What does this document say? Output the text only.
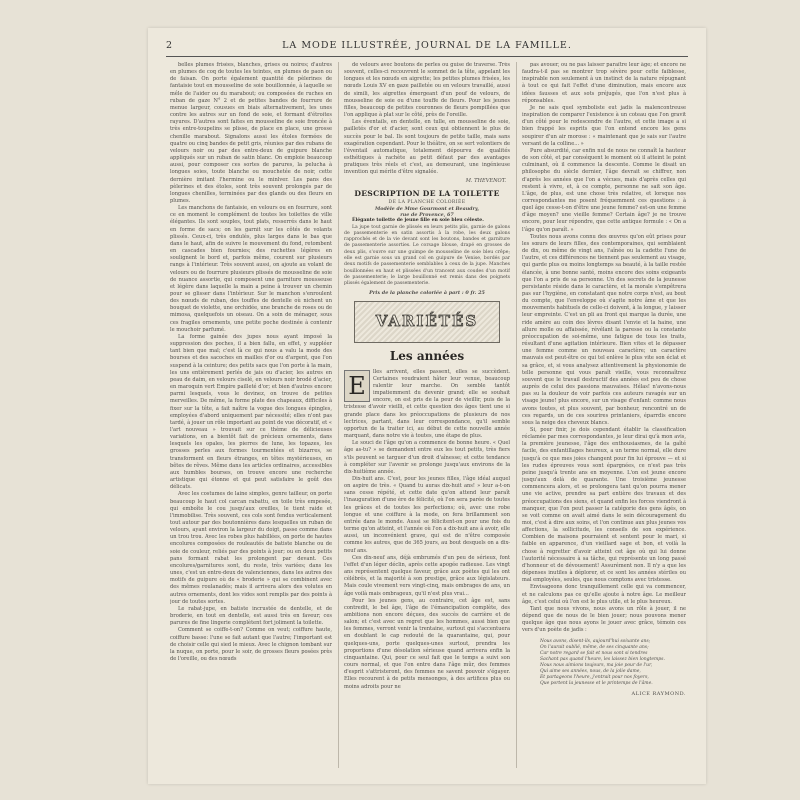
2	LA MODE ILLUSTRÉE, JOURNAL DE LA FAMILLE.

belles plumes frisées, blanches, grises ou noires; d'autres en plumes de coq de toutes les teintes, en plumes de paon ou de faisan. On porte également quantité de pèlerines de fantaisie tout en mousseline de soie bouillonnée, à laquelle se mêle de l'aider ou du marabout; ou composées de ruches en ruban de gaze N° 2 et de petites bandes de fourrure de menue largeur, cousues en biais alternativement, les unes contre les autres sur un fond de soie, et formant d'étroites rayures. D'autres sont faites en mousseline de soie froncée à très entre-toupelins se plisse, de place en place, une grosse chenille marabout. Signalons aussi les étoles formées de quatre ou cinq bandes de petit gris, réunies par des rubans de velours noir ou par des entre-deux de guipure blanche appliqués sur un ruban de satin blanc. On emploie beaucoup aussi, pour composer ces sortes de parures, la pelucha à longues soies, toute blanche ou mouchetée de noir, cette dernière imitant l'hermine ou le minlver. Les pans des pèlerines et des étoles, sont très souvent prolongés par de longues chenilles, terminées par des glands ou des fleurs en plumes.

Les manchons de fantaisie, en velours ou en fourrure, sont ce en moment le complément de toutes les toilettes de ville élégantes. Ils sont souples, tout plats, resserrés dans le haut en forme de sacs; on les garnit sur les côtés de volants plissés. Ceux-ci, très ondulés, plus larges dans le bas que dans le haut, afin de suivre le mouvement du fond, retombent en cascades bien fournies; des ruchettes légères en soulignent le bord et, parfois même, courent sur plusieurs rangs à l'intérieur. Très souvent aussi, on ajoute au volant de velours ou de fourrure plusieurs plissés de mousseline de soie de nuance assortie, qui composent une garniture mousseuse et légère dans laquelle la main a peine à trouver un chemin pour se glisser dans l'intérieur. Sur le manchon s'enroulent des nœuds de ruban, des touffes de dentelle où nichent un bouquet de violette, une orchidée, une branche de roses ou de mimosa, quelquefois un oiseau. On a soin de ménager, sous ces fragiles ornements, une petite poche destinée à contenir le mouchoir parfumé.

La forme gainée des jupes nous ayant imposé la suppression des poches, il a bien fallu, en effet, y suppléer tant bien que mal; c'est là ce qui nous a valu la mode des bourses et des sacoches en mailles d'or ou d'argent, que l'on suspend à la ceinture; des petits sacs que l'on porte à la main, les uns entièrement perlés de jais ou d'acier, les autres en peau de daim, en velours ciselé, en velours noir brodé d'acier, en maroquin vert Empire pailleté d'or; et bien d'autres encore parmi lesquels, vous le devinez, on trouve de petites merveilles. De même, la forme plate des chapeaux, difficiles à fixer sur la tête, a fait naître la vogue des longues épingles, employées d'abord uniquement par nécessité; elles n'ont pas tardé, à jouer un rôle important au point de vue décoratif, et « l'art nouveau » trouvait sur ce thème de délicieuses variations, en a bientôt fait de précieux ornements, dans lesquels les opales, les pierres de lune, les topazes, les grosses perles aux formes tourmentées et bizarres, se transforment en fleurs étranges, en têtes mystérieuses, en bêtes de rêves. Même dans les articles ordinaires, accessibles aux humbles bourses, on trouve encore une recherche artistique qui étonne et qui peut satisfaire le goût des délicats.

Avec les costumes de laine simples, genre tailleur, on porte beaucoup le haut col carcan rabattu, en toile très empesée, qui emboîte le cou jusqu'aux oreilles, le tient raide et l'immobilise. Très souvent, ces cols sont fendus verticalement tout autour par des boutonnières dans lesquelles un ruban de velours, ayant environ la largeur du doigt, passe comme dans un trou trou. Avec les robes plus habillées, on porte de hautes encolures composées de rouleautés de batiste blanche ou de soie de couleur, reliés par des points à jour; ou en deux petits pans formant rabat les prolongent par devant. Ces encolures/garnitures sont, du reste, très variées; dans les unes, c'est un entre-deux de valenciennes, dans les autres des motifs de guipure où de « broderie » qui se combinent avec des mêmes roulanadés; mais il arrivera alors des volutes en autres ornements, dont les vides sont remplis par des points à jour de toutes sortes.

Le rabat-jupe, en batiste incrustée de dentelle, et de broderie, en tout en dentelle, est aussi très en faveur; ces parures de fine lingerie complètent fort joliment la toilette.

Comment se coiffe-t-on? Comme on veut; coiffure haute, coiffure basse: l'une se fait autant que l'autre; l'important est de choisir celle qui sied le mieux. Avec le chignon tombant sur la nuque, on porte, pour le soir, de grosses fleurs posées près de l'oreille, ou des nœuds

de velours avec boutons de perles ou guise de traverse. Très souvent, celles-ci recouvrent le sommet de la tête, appelant les longues et les nœuds en aigrette; les petites plumes frisées, les nœuds Louis XV en gaze pailletée ou en velours travaillé, aussi de simili, les aigrettes émergeant d'un pouf de velours, de mousseline de soie ou d'une touffe de fleurs. Pour les jeunes filles, beaucoup de petites couronnes de fleurs pompillées que l'on applique à plat sur le côté, près de l'oreille.

Les éventails, en dentelle, en tulle, en mousseline de soie, pailletés d'or et d'acier, sont ceux qui obtiennent le plus de succès pour le bal. Ils sont toujours de petite taille, mais sans exagération cependant. Pour le théâtre, on se sert volontiers de l'éventail automatique, totalement dépourvu de qualités esthétiques à rachète au petit défaut par des avantages pratiques très réels et c'est, au demeurant, une ingénieuse invention qui mérite d'être signalée.

M. THEVENOT.
DESCRIPTION DE LA TOILETTE
DE LA PLANCHE COLORIÉE
Modèle de Mme Gourmont et Beaudry,
rue de Provence, 67

Élégante toilette de jeune fille en soie bleu céleste.

La jupe tout garnie de plissés en leurs petits plis, garnie de galons de passementerie en satin assortis à la robe, les deux galons rapprochés et de la vie devant sont les boutons, bandes et garniture de passementerie assorties. Le corsage blouse, drapé en grosses de deux plis, s'ouvre sur une guimpe de mousseline de soie bleu crêpe; elle est garnie sous un grand col en guipure de Venise, bordés par deux motifs de passementerie semblables à ceux de la jupe. Manches bouillonnées en haut et plissées d'un trancent aux coudes d'un motif de passementerie; le large bouillonné est remis dans des poignets plissés également de passementerie.

Prix de la planche coloriée à part : 0 fr. 25
VARIÉTÉS
Les années

E	lles arrivent, elles passent, elles se succèdent. Certaines voudraient hâter leur venue, beaucoup ralentir leur marche. On semble tantôt impatiemment du devenir grand; elle se souhait encore, on est pris de la peur de vieillir, puis de la tristesse d'avoir vieilli, et cette question des âges tient une si grande place dans les préoccupations de plusieurs de nos lectrices, partant, dans leur correspondance, qu'il semble opportun de la traiter ici, au début de cette nouvelle année marquant, dans notre vie à toutes, une étape de plus.

Le souci de l'âge qu'on a commence de bonne heure. « Quel âge as-tu? » se demandent entre eux les tout petits, très fiers s'ils peuvent se targuer d'un droit d'aînesse; et cette tendance à compléter sur l'avenir se prolonge jusqu'aux environs de la dix-huitième année.

Dix-huit ans. C'est, pour les jeunes filles, l'âge idéal auquel on aspire de très. « Quand tu auras dix-huit ans! » leur a-t-on sans cesse répété, et cette date qu'on attend leur paraît l'inauguration d'une ère de félicité, où l'on sera parée de toutes les grâces et de toutes les perfections; où, avec une robe longue et une coiffure à la mode, on fera brillamment son entrée dans le monde. Aussi se félicitent-on pour une fois du terme qu'on atteint, et l'année où l'on a dix-huit ans à avoir, elle aussi, un inconvénient grave, qui est de n'être composée comme les autres, que de 365 jours, au bout desquels on a dix-neuf ans.

Ces dix-neuf ans, déjà embrumés d'un peu de sérieux, font l'effet d'un léger déclin, après cette apogée radieuse. Les vingt ans représentent quelque faveur, grâce aux poètes qui les ont célébrés, et la majorité à son prestige, grâce aux législateurs. Mais coule vivement vers vingt-cinq, mais ombrages de ans, un âge voilà mais ombrageux, qu'il n'est plus vrai...

Pour les jeunes gens, au contraire, cet âge est, sans contredit, le bel âge, l'âge de l'émancipation complète, des ambitions non encore déçues, des succès de carrière et de salon; et c'est avec un regret que les hommes, aussi bien que les femmes, verront venir la trentaine, surtout qui s'accentuera en doublant le cap redouté de la quarantaine, qui, pour quelques-uns, porte quelques-unes surtout, prendra les proportions d'une désolation sérieuse quand arrivera enfin la cinquantaine. Qui, pour ce seul fait que le temps a suivi son cours normal, et que l'on entre dans l'âge mûr, des femmes d'esprit s'attristeront, des femmes ne savent pouvoir s'égayer. Elles recourent à de petits mensonges, à des artifices plus ou moins adroits pour ne

pas avouer, ou ne pas laisser paraître leur âge; et encore ne faudra-t-il pas se montrer trop sévère pour cette faiblesse, inspirable non seulement à un instinct de la nature répugnant à tout ce qui fait l'effet d'une diminution, mais encore aux idées fausses et aux sots préjugés, que l'on n'est plus à réponsables.

Je ne sais quel symboliste eut jadis la malencontreuse inspiration de comparer l'existence à un coteau que l'on gravit d'un côté pour le redescendre de l'autre, et cette image a si bien frappé les esprits que l'on entend encore les gens soupirer d'un air morose : « maintenant que je sais sur l'autre versant de la colline... »

Pure absurdité, car enfin nul de nous ne connaît la hauteur de son côté, et par conséquent le moment où il atteint le point culminant, où il commence la descente. Comme le disait un philosophe du siècle dernier, l'âge devrait se chiffrer, non d'après les années que l'on a vécues, mais d'après celles qui restent à vivre, et, à ce compte, personne ne sait son âge. L'âge, de plus, est une chose très relative, et lorsque nos correspondantes me posent fréquemment ces questions : à quel âge cesse-t-on d'être une jeune femme? est-on une femme d'âge moyen? une vieille femme? Certain âge? je ne trouve encore, pour leur répondre, que cette antique formule : « On a l'âge qu'on paraît. »

Toutes nous avons connu des œuvres qu'on eût prises pour les sœurs de leurs filles, des contemporaines, qui semblaient de dix, ou même de vingt ans, l'aînée ou la cadette l'une de l'autre, et ces différences ne tiennent pas seulement au visage, qui garde plus ou moins longtemps sa beauté, à la taille restée élancée, à une bonne santé, moins encore des soins exigeants que l'on a pris de sa personne. Un des secrets de la jeunesse persistante réside dans le caractère, et la morale s'empêtrera pas sur l'hygiène, en constatant que notre corps n'est, au bout du compte, que l'enveloppe où s'agite notre âme et que les mouvements habituels de celle-ci doivent, à la longue, y laisser leur empreinte. C'est un pli au front qui marque la durée, une ride amère au coin des lèvres disant l'envie et la haine, une allure molle ou affaissée, révélant la paresse ou la constante préoccupation de soi-même, une fatigue de tous les traits, résultant d'une agitation intérieure. Bien vites et le dépasser une femme comme un nouveau caractère; un caractère mauvais est peut-être ce qui tel enlève le plus vite son éclat et sa grâce, et, si vous analysez attentivement la physionomie de telle personne qui vous paraît vieille, vous reconnaîtrez souvent que le travail destructif des années est peu de chose auprès de celui des passions mauvaises. Hélas! n'avons-nous pas su la douleur de voir parfois ces auteurs ravagés sur un visage jeune! plus encore, sur un visage d'enfant: comme nous avons toutes, et plus souvent, par bonheur, rencontré un de ces regards, un de ces sourires printaniers, éparrdis encore sous la neige des cheveux blancs.

Si, pour finir, je dois cependant établir la classification réclamée par mes correspondantes, je leur dirai qu'à mon avis, la première jeunesse, l'âge des enthousiasmes, de la gaîté facile, des enfantillages heureux, a un terme normal, elle dure jusqu'à ce que mes joies changent pour fin lui éprouve — et si les rudes épreuves vous sont épargnées, ce n'est pas très peine jusqu'à trente ans en moyenne. L'on est jeune encore jusqu'aux delà de quarante. Une troisième jeunesse commencera alors, et se prolongera tant qu'on pourra mener une vie active, prendre sa part entière des travaux et des préoccupations des siens, et quand enfin les forces viendront à manquer, que l'on peut passer la catégorie des gens âgés, on se voit comme on avait aimé dans le sein découragement du moi, c'est à dire aux soins, et l'on continue aux plus jeunes vos affections, la sollicitude, les conseils de son expérience. Combien de maisons pourraient et sentent pour le mari, si faible en apparence, d'un vieillard sage et bon, et voilà la chose à regretter d'avoir atteint cet âge où qui lui donne l'autorité nécessaire à sa tâche, qui représente un long passé d'honneur et de dévouement! Assurément non. Il n'y a que les dépenses inutiles à déplorer, et ce sont les années stériles ou mal employées, seules, que nous comptons avec tristesse.

Envisageons donc tranquillement celle qui va commencer, et ne calculons pas ce qu'elle ajoute à notre âge. Le meilleur âge, c'est celui où l'on est le plus utile, et le plus heureux.

Tant que nous vivons, nous avons un rôle à jouer, il ne dépend que de nous de le bien jouer; nous pouvons mener quelque âge que nous ayons le jouer avec grâce, témoin ces vers d'un poète de jadis :

Nous avons, disent-ils, aujourd'hui soixante ans;
On l'aurait oublié, même, de ses cinquante ans;
Car notre regard se fait et nous sont si tendres
Sachant pas quand l'heure, les laissez bien longtemps.
Nous nous aimions toujours, ma joie pour de l'ur,
Qui aime ses années, nous, de la jolie dame,
Et partageons l'heure, j'entrait pour nos foyers,
Que portent la jeunesse et le printemps de l'âme.
ALICE RAYMOND.
